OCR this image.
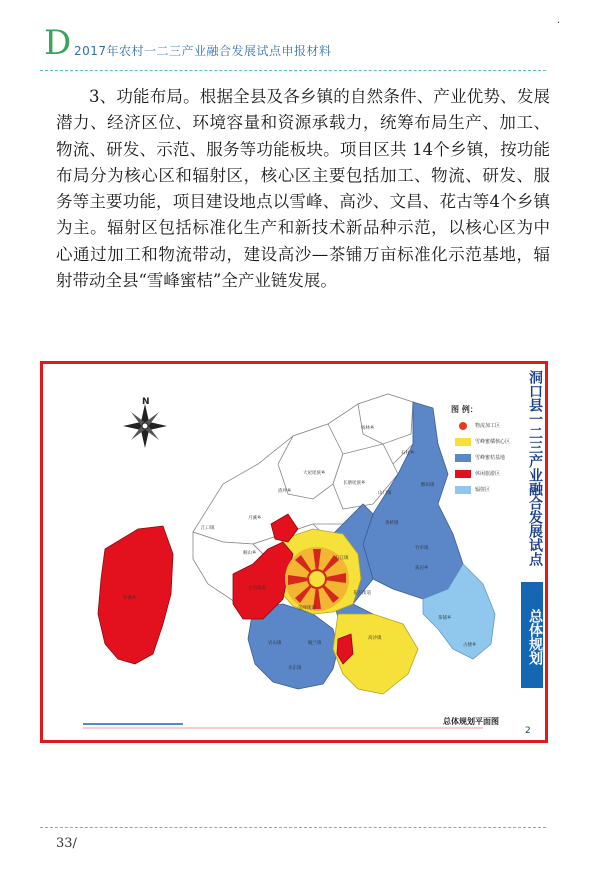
D 2017年农村一二三产业融合发展试点申报材料
·

3、功能布局。根据全县及各乡镇的自然条件、产业优势、发展潜力、经济区位、环境容量和资源承载力，统筹布局生产、加工、物流、研发、示范、服务等功能板块。项目区共 14个乡镇，按功能布局分为核心区和辐射区，核心区主要包括加工、物流、研发、服务等主要功能，项目建设地点以雪峰、高沙、文昌、花古等4个乡镇为主。辐射区包括标准化生产和新技术新品种示范，以核心区为中心通过加工和物流带动，建设高沙—茶铺万亩标准化示范基地，辐射带动全县“雪峰蜜桔”全产业链发展。

N
罗溪乡
江口镇
月溪乡
大屋瑶族乡
渣坪乡
杨林乡
长塘瑶族乡
石柱乡
山门镇
醪田镇
黄桥镇
竹市镇
石江镇
桐山乡
文昌街道
花古街道
雪峰街道
高沙镇
岩山镇
水东镇
毓兰镇
茶铺乡
古楼乡
荻岩乡
图 例：
物流加工区
雪峰蜜橘核心区
雪峰蜜桔基地
休闲旅游区
辐射区	洞口县一二三产业融合发展试点
总体规划
总体规划平面图
2
33/
